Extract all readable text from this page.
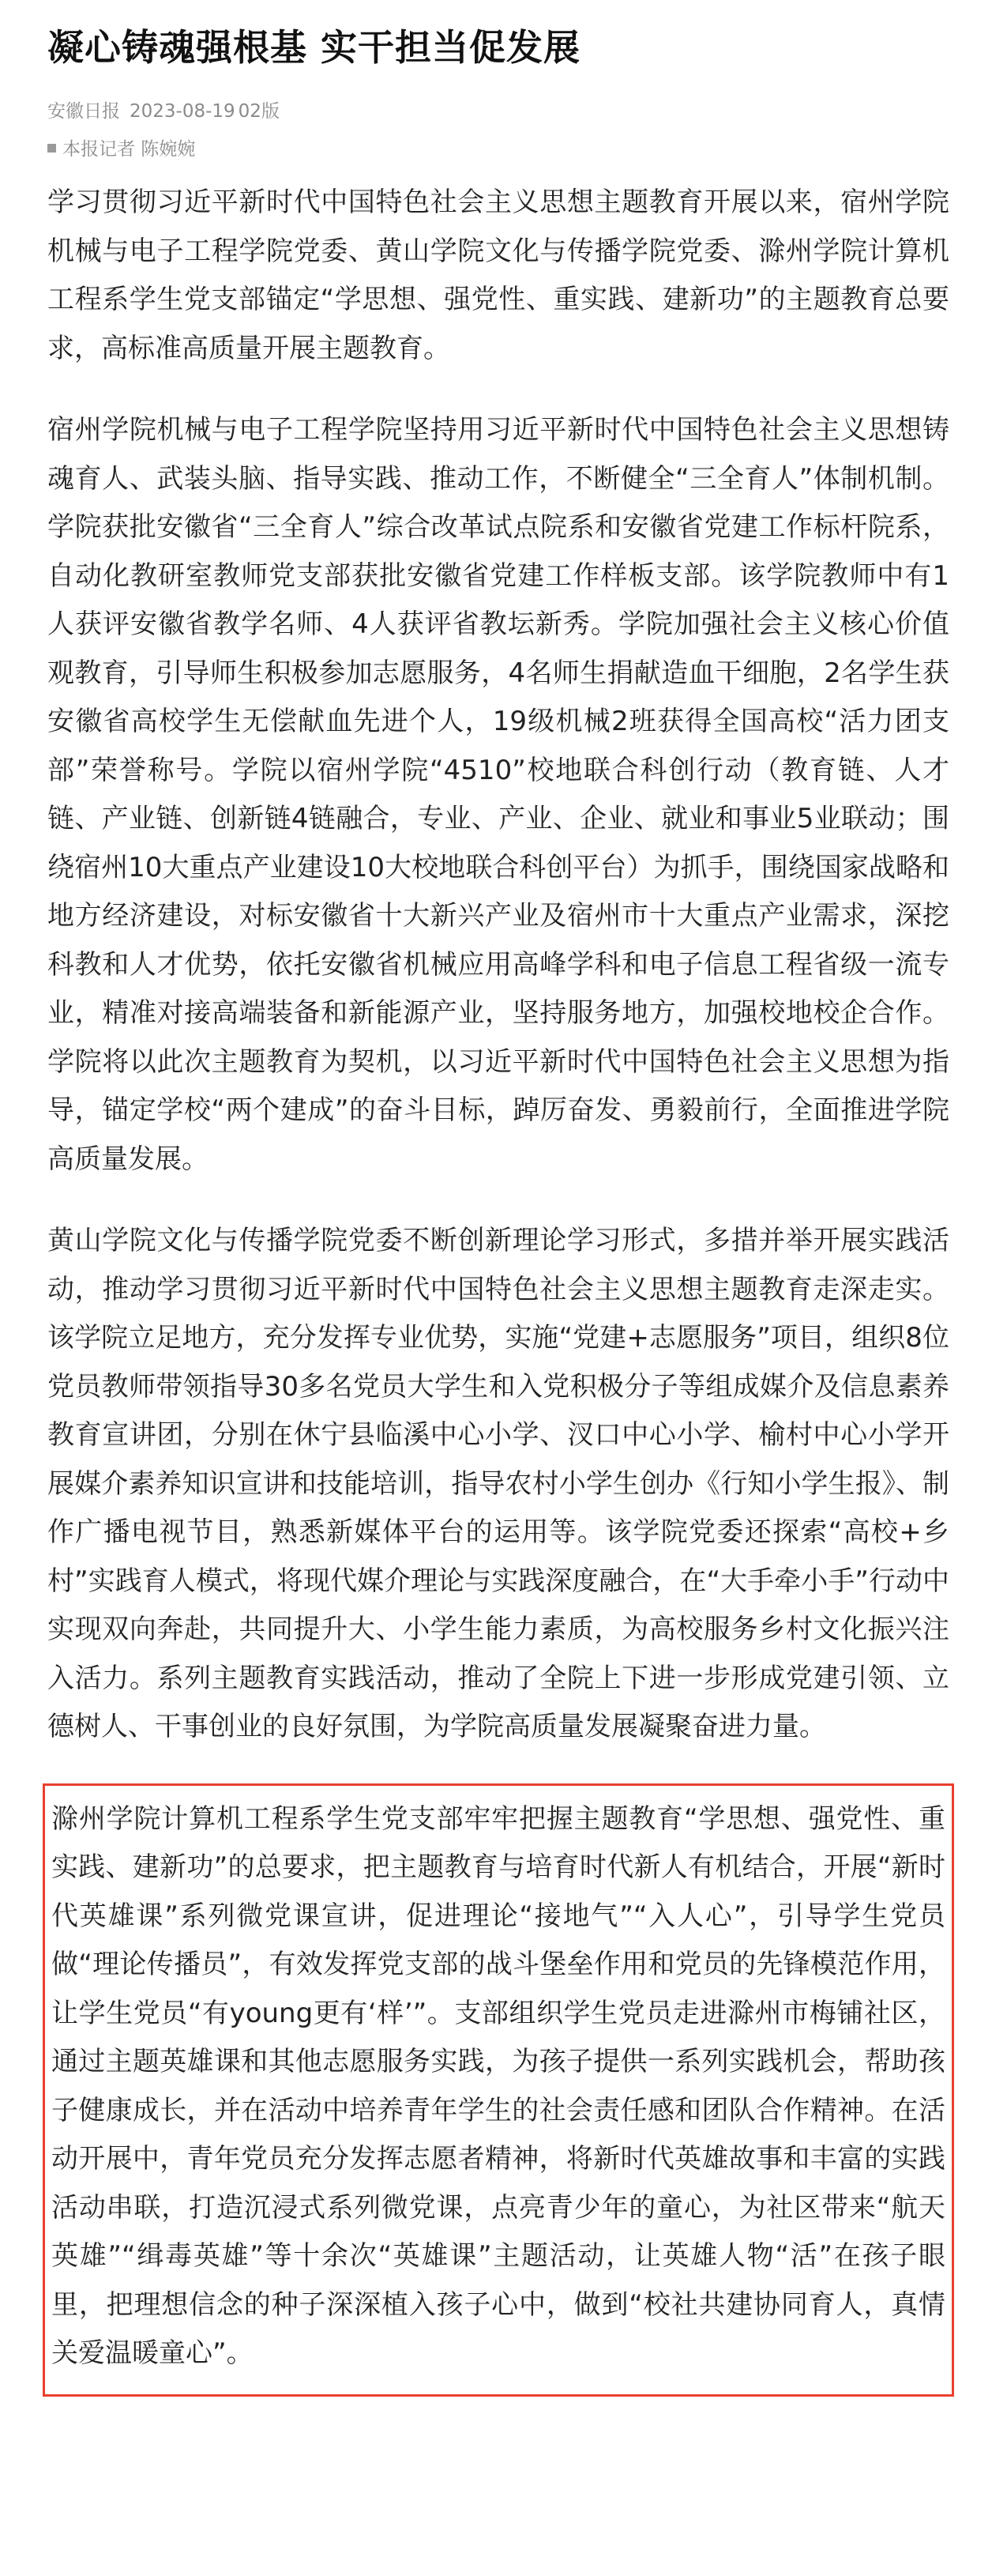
凝心铸魂强根基 实干担当促发展
安徽日报 2023-08-19 02版
本报记者 陈婉婉

学习贯彻习近平新时代中国特色社会主义思想主题教育开展以来，宿州学院机械与电子工程学院党委、黄山学院文化与传播学院党委、滁州学院计算机工程系学生党支部锚定“学思想、强党性、重实践、建新功”的主题教育总要求，高标准高质量开展主题教育。

宿州学院机械与电子工程学院坚持用习近平新时代中国特色社会主义思想铸魂育人、武装头脑、指导实践、推动工作，不断健全“三全育人”体制机制。学院获批安徽省“三全育人”综合改革试点院系和安徽省党建工作标杆院系，自动化教研室教师党支部获批安徽省党建工作样板支部。该学院教师中有1人获评安徽省教学名师、4人获评省教坛新秀。学院加强社会主义核心价值观教育，引导师生积极参加志愿服务，4名师生捐献造血干细胞，2名学生获安徽省高校学生无偿献血先进个人，19级机械2班获得全国高校“活力团支部”荣誉称号。学院以宿州学院“4510”校地联合科创行动（教育链、人才链、产业链、创新链4链融合，专业、产业、企业、就业和事业5业联动；围绕宿州10大重点产业建设10大校地联合科创平台）为抓手，围绕国家战略和地方经济建设，对标安徽省十大新兴产业及宿州市十大重点产业需求，深挖科教和人才优势，依托安徽省机械应用高峰学科和电子信息工程省级一流专业，精准对接高端装备和新能源产业，坚持服务地方，加强校地校企合作。学院将以此次主题教育为契机，以习近平新时代中国特色社会主义思想为指导，锚定学校“两个建成”的奋斗目标，踔厉奋发、勇毅前行，全面推进学院高质量发展。

黄山学院文化与传播学院党委不断创新理论学习形式，多措并举开展实践活动，推动学习贯彻习近平新时代中国特色社会主义思想主题教育走深走实。该学院立足地方，充分发挥专业优势，实施“党建+志愿服务”项目，组织8位党员教师带领指导30多名党员大学生和入党积极分子等组成媒介及信息素养教育宣讲团，分别在休宁县临溪中心小学、汊口中心小学、榆村中心小学开展媒介素养知识宣讲和技能培训，指导农村小学生创办《行知小学生报》、制作广播电视节目，熟悉新媒体平台的运用等。该学院党委还探索“高校+乡村”实践育人模式，将现代媒介理论与实践深度融合，在“大手牵小手”行动中实现双向奔赴，共同提升大、小学生能力素质，为高校服务乡村文化振兴注入活力。系列主题教育实践活动，推动了全院上下进一步形成党建引领、立德树人、干事创业的良好氛围，为学院高质量发展凝聚奋进力量。

滁州学院计算机工程系学生党支部牢牢把握主题教育“学思想、强党性、重实践、建新功”的总要求，把主题教育与培育时代新人有机结合，开展“新时代英雄课”系列微党课宣讲，促进理论“接地气”“入人心”，引导学生党员做“理论传播员”，有效发挥党支部的战斗堡垒作用和党员的先锋模范作用，让学生党员“有young更有‘样’”。支部组织学生党员走进滁州市梅铺社区，通过主题英雄课和其他志愿服务实践，为孩子提供一系列实践机会，帮助孩子健康成长，并在活动中培养青年学生的社会责任感和团队合作精神。在活动开展中，青年党员充分发挥志愿者精神，将新时代英雄故事和丰富的实践活动串联，打造沉浸式系列微党课，点亮青少年的童心，为社区带来“航天英雄”“缉毒英雄”等十余次“英雄课”主题活动，让英雄人物“活”在孩子眼里，把理想信念的种子深深植入孩子心中，做到“校社共建协同育人，真情关爱温暖童心”。
